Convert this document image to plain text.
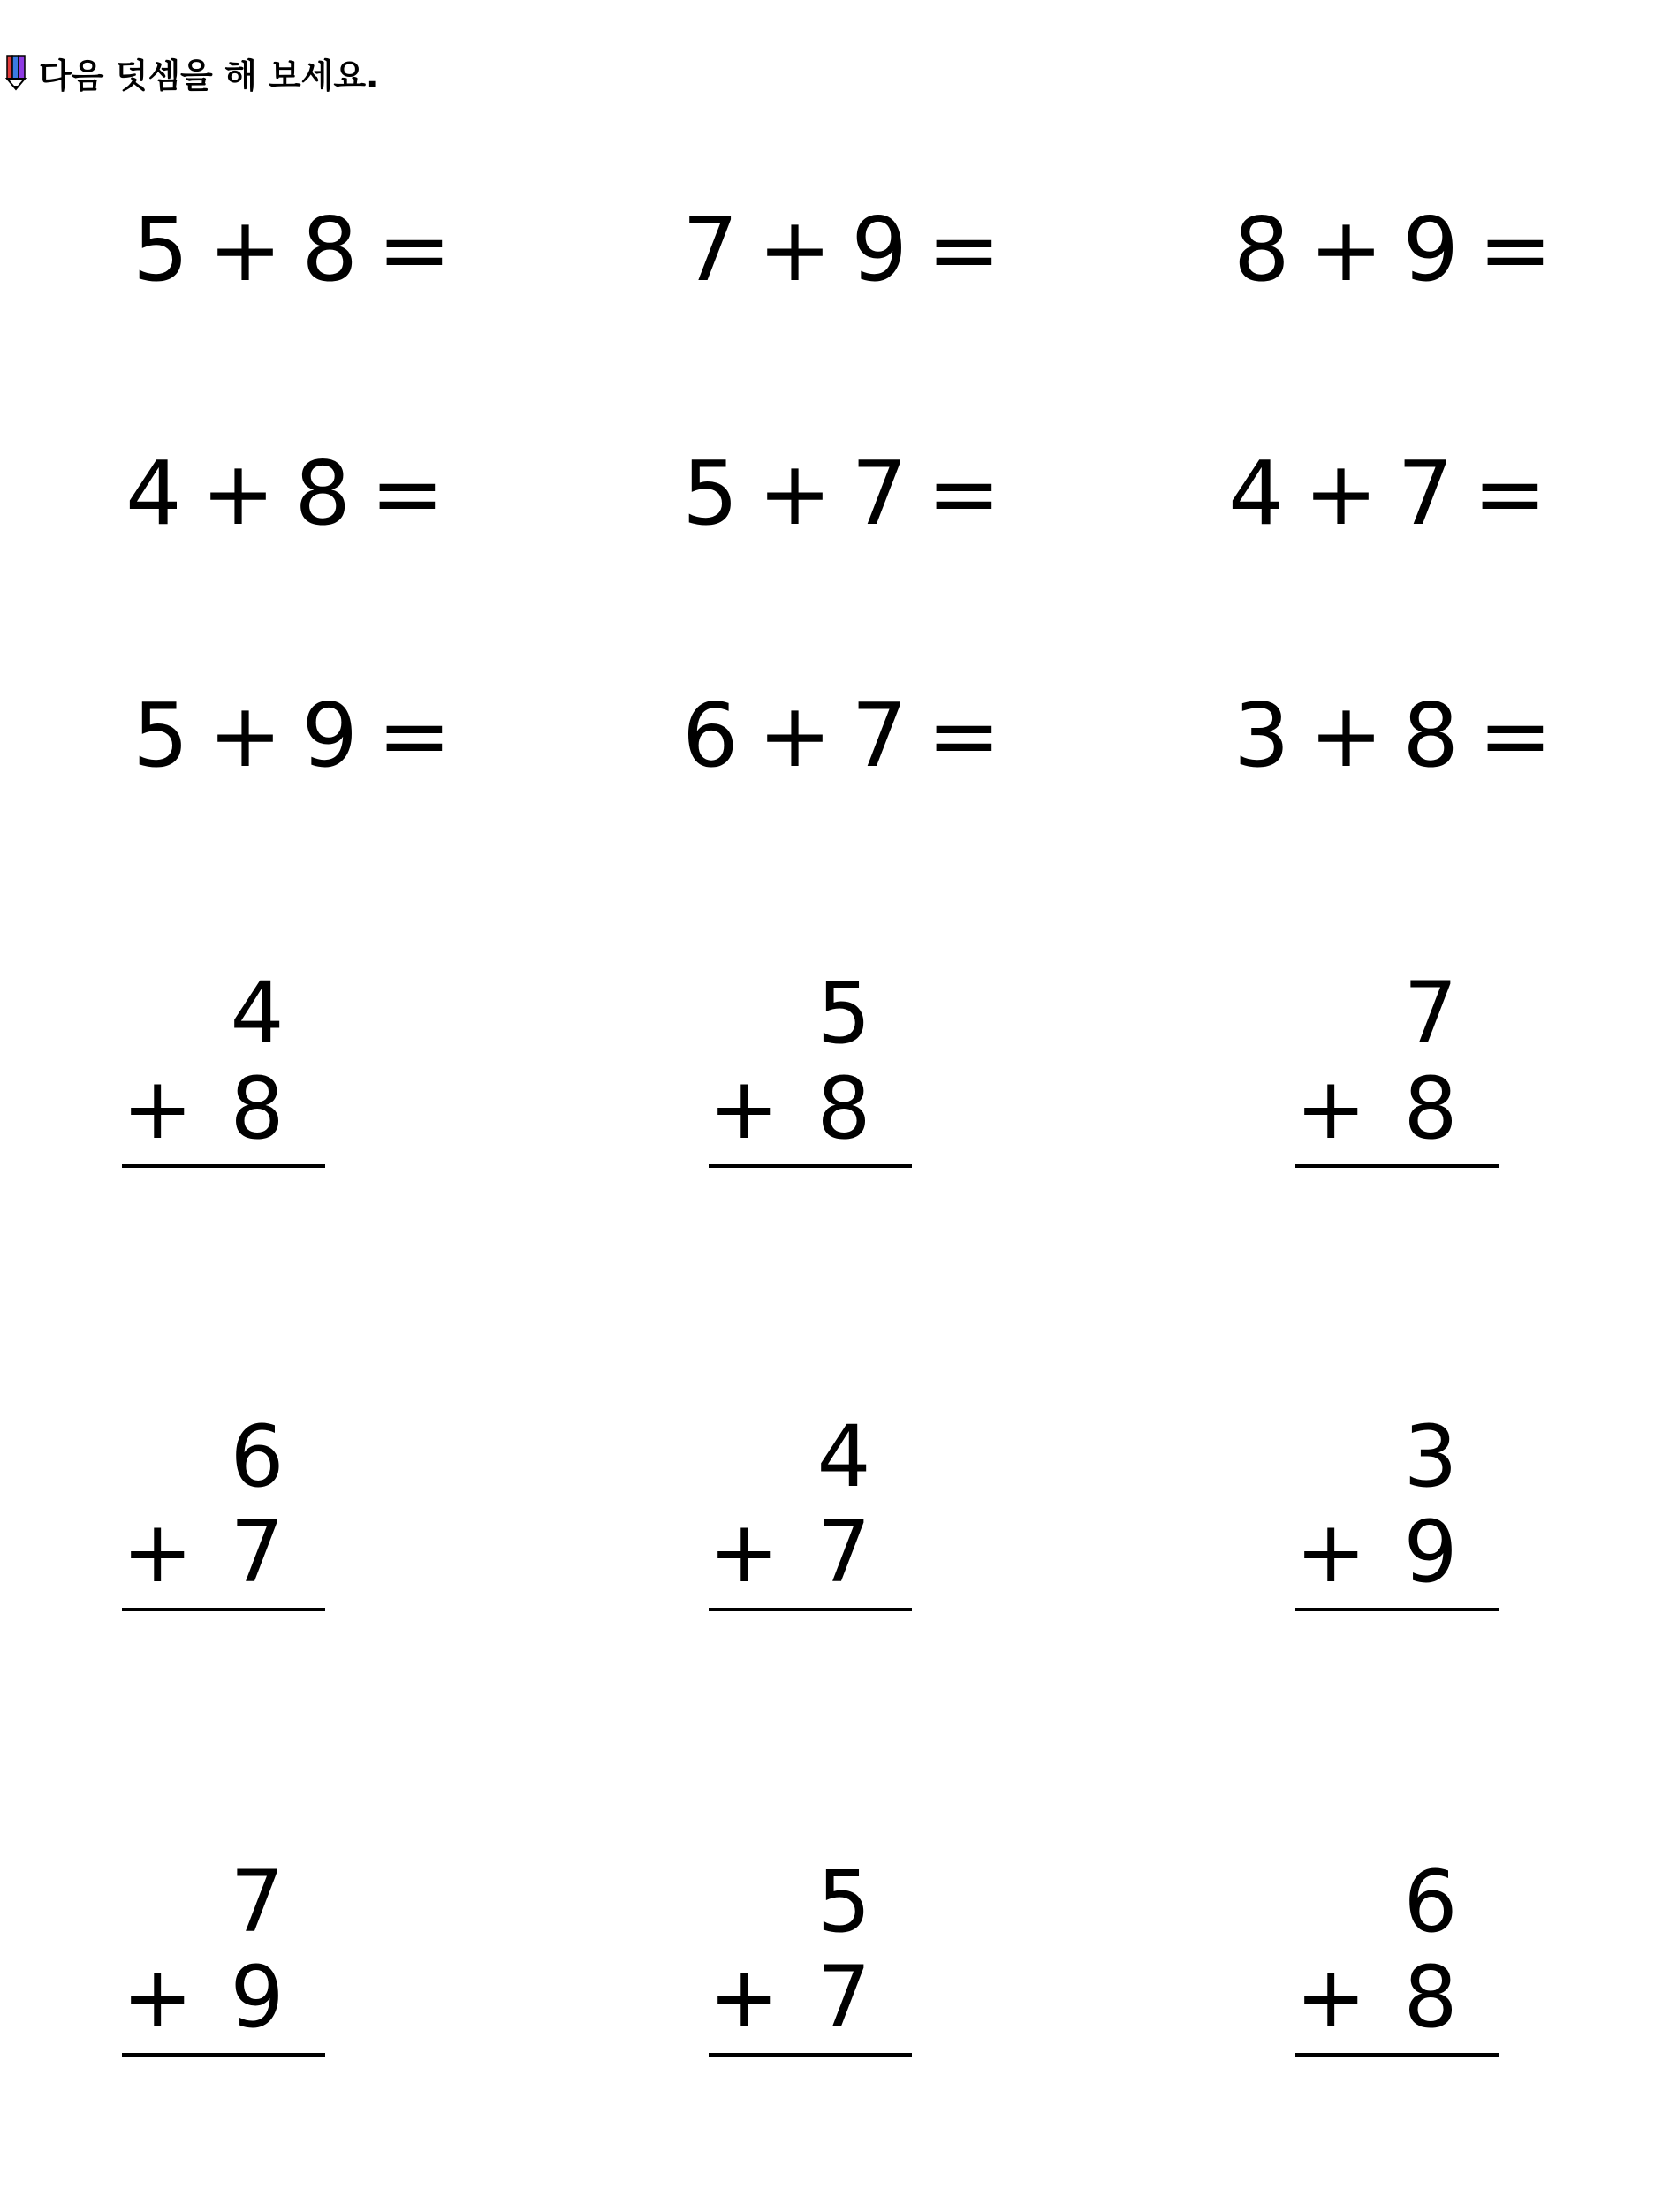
다음 덧셈을 해 보세요.
5 + 8 =	7 + 9 =	8 + 9 =
4 + 8 =	5 + 7 =	4 + 7 =
5 + 9 =	6 + 7 =	3 + 8 =
4
+ 8
5
+ 8
7
+ 8
6
+ 7
4
+ 7
3
+ 9
7
+ 9
5
+ 7
6
+ 8
